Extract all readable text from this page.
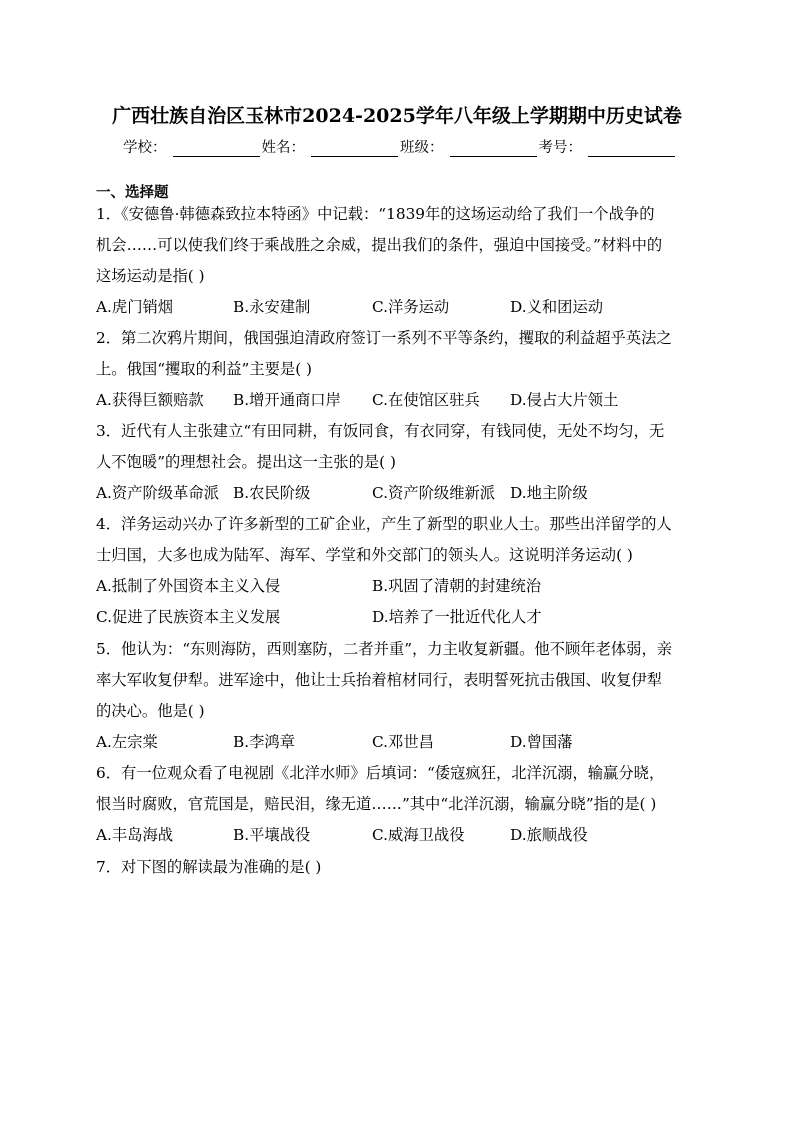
广西壮族自治区玉林市2024-2025学年八年级上学期期中历史试卷
学校：	姓名：	班级：	考号：
一、选择题
1．《安德鲁·韩德森致拉本特函》中记载：“1839年的这场运动给了我们一个战争的
机会……可以使我们终于乘战胜之余威，提出我们的条件，强迫中国接受。”材料中的
这场运动是指( )
A.虎门销烟	B.永安建制	C.洋务运动	D.义和团运动
2．第二次鸦片期间，俄国强迫清政府签订一系列不平等条约，攫取的利益超乎英法之
上。俄国“攫取的利益”主要是( )
A.获得巨额赔款 B.增开通商口岸 C.在使馆区驻兵 D.侵占大片领土
3．近代有人主张建立“有田同耕，有饭同食，有衣同穿，有钱同使，无处不均匀，无
人不饱暖”的理想社会。提出这一主张的是( )
A.资产阶级革命派 B.农民阶级	C.资产阶级维新派 D.地主阶级
4．洋务运动兴办了许多新型的工矿企业，产生了新型的职业人士。那些出洋留学的人
士归国，大多也成为陆军、海军、学堂和外交部门的领头人。这说明洋务运动( )
A.抵制了外国资本主义入侵	B.巩固了清朝的封建统治
C.促进了民族资本主义发展	D.培养了一批近代化人才
5．他认为：“东则海防，西则塞防，二者并重”，力主收复新疆。他不顾年老体弱，亲
率大军收复伊犁。进军途中，他让士兵抬着棺材同行，表明誓死抗击俄国、收复伊犁
的决心。他是( )
A.左宗棠	B.李鸿章	C.邓世昌	D.曾国藩
6．有一位观众看了电视剧《北洋水师》后填词：“倭寇疯狂，北洋沉溺，输赢分晓，
恨当时腐败，官荒国是，赔民泪，缘无道……”其中“北洋沉溺，输赢分晓”指的是( )
A.丰岛海战	B.平壤战役	C.威海卫战役	D.旅顺战役
7．对下图的解读最为准确的是( )
